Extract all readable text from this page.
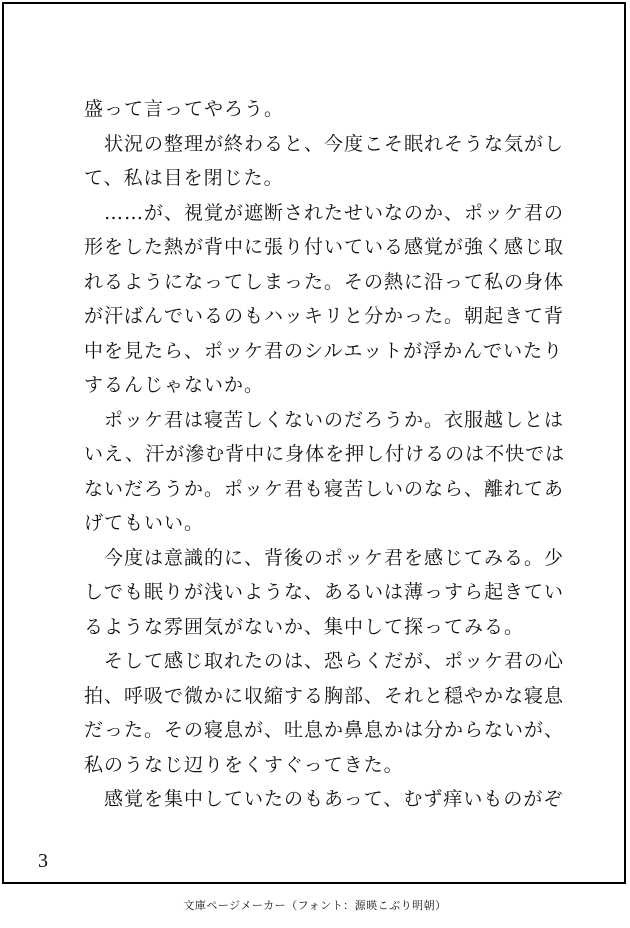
盛って言ってやろう。
　状況の整理が終わると、今度こそ眠れそうな気がし
て、私は目を閉じた。
　……が、視覚が遮断されたせいなのか、ポッケ君の
形をした熱が背中に張り付いている感覚が強く感じ取
れるようになってしまった。その熱に沿って私の身体
が汗ばんでいるのもハッキリと分かった。朝起きて背
中を見たら、ポッケ君のシルエットが浮かんでいたり
するんじゃないか。
　ポッケ君は寝苦しくないのだろうか。衣服越しとは
いえ、汗が滲む背中に身体を押し付けるのは不快では
ないだろうか。ポッケ君も寝苦しいのなら、離れてあ
げてもいい。
　今度は意識的に、背後のポッケ君を感じてみる。少
しでも眠りが浅いような、あるいは薄っすら起きてい
るような雰囲気がないか、集中して探ってみる。
　そして感じ取れたのは、恐らくだが、ポッケ君の心
拍、呼吸で微かに収縮する胸部、それと穏やかな寝息
だった。その寝息が、吐息か鼻息かは分からないが、
私のうなじ辺りをくすぐってきた。
　感覚を集中していたのもあって、むず痒いものがぞ
3
文庫ページメーカー（フォント：源暎こぶり明朝）
